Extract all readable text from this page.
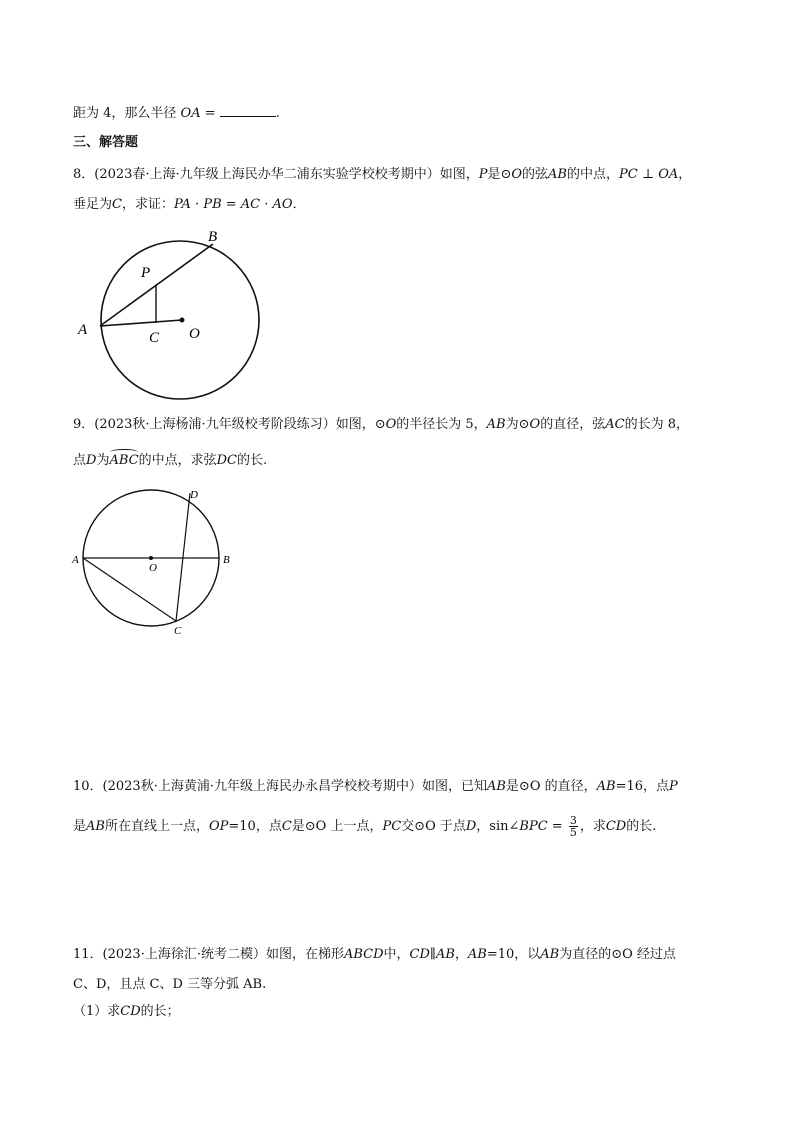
距为 4，那么半径 OA =	.
三、解答题
8．(2023春·上海·九年级上海民办华二浦东实验学校校考期中）如图，P是⊙O的弦AB的中点，PC ⊥ OA，
垂足为C，求证：PA · PB = AC · AO．
B
P
A	C O
9．(2023秋·上海杨浦·九年级校考阶段练习）如图，⊙O的半径长为 5，AB为⊙O的直径，弦AC的长为 8，
点D为ABC的中点，求弦DC的长.
D
A	B
O
C
10．(2023秋·上海黄浦·九年级上海民办永昌学校校考期中）如图，已知AB是⊙O 的直径，AB=16，点P
是AB所在直线上一点，OP=10，点C是⊙O 上一点，PC交⊙O 于点D，sin∠BPC = $\frac{3}{5}$ ，求CD的长.
11．(2023·上海徐汇·统考二模）如图，在梯形ABCD中，CD∥AB，AB=10，以AB为直径的⊙O 经过点
C、D，且点 C、D 三等分弧 AB.
（1）求CD的长；
